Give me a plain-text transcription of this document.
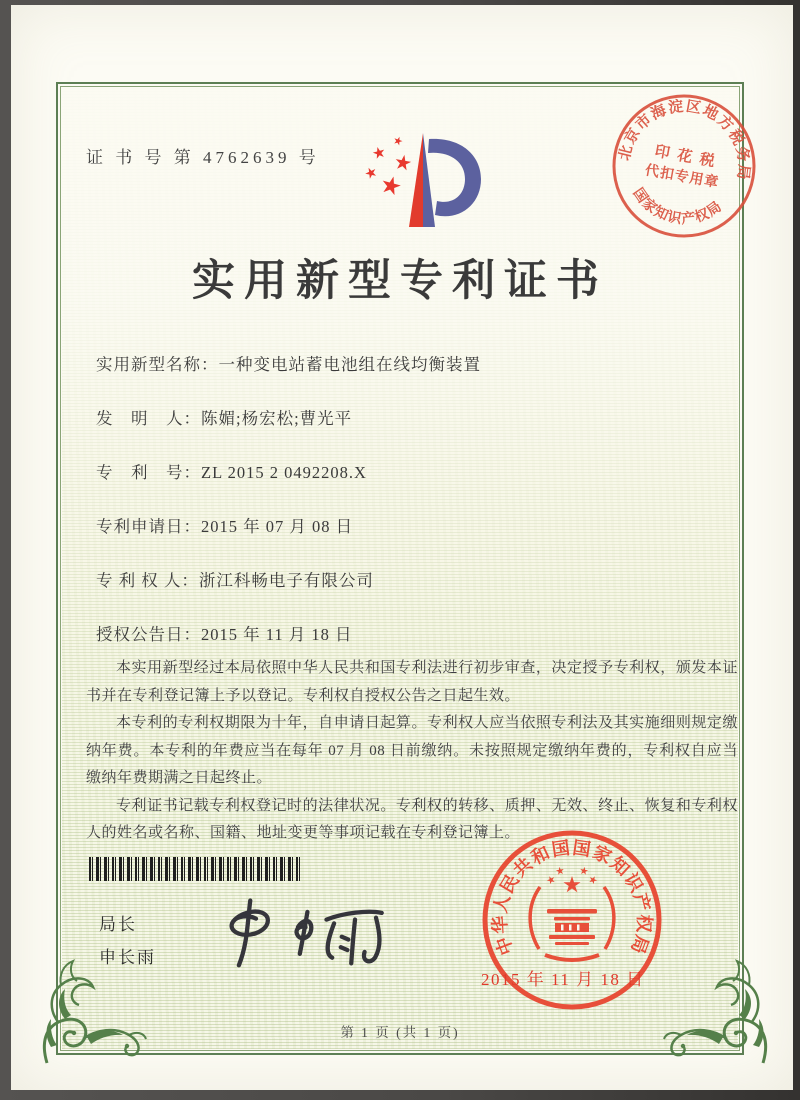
证 书 号 第 4762639 号	北京市海淀区地方税务局
国家知识产权局
印 花 税
代扣专用章
实用新型专利证书
实用新型名称：一种变电站蓄电池组在线均衡装置
发　明　人：陈媚;杨宏松;曹光平
专　利　号：ZL 2015 2 0492208.X
专利申请日：2015 年 07 月 08 日
专 利 权 人：浙江科畅电子有限公司
授权公告日：2015 年 11 月 18 日

本实用新型经过本局依照中华人民共和国专利法进行初步审查，决定授予专利权，颁发本证书并在专利登记簿上予以登记。专利权自授权公告之日起生效。

本专利的专利权期限为十年，自申请日起算。专利权人应当依照专利法及其实施细则规定缴纳年费。本专利的年费应当在每年 07 月 08 日前缴纳。未按照规定缴纳年费的，专利权自应当缴纳年费期满之日起终止。

专利证书记载专利权登记时的法律状况。专利权的转移、质押、无效、终止、恢复和专利权人的姓名或名称、国籍、地址变更等事项记载在专利登记簿上。

局长
申长雨	中华人民共和国国家知识产权局
2015 年 11 月 18 日
第 1 页 (共 1 页)
